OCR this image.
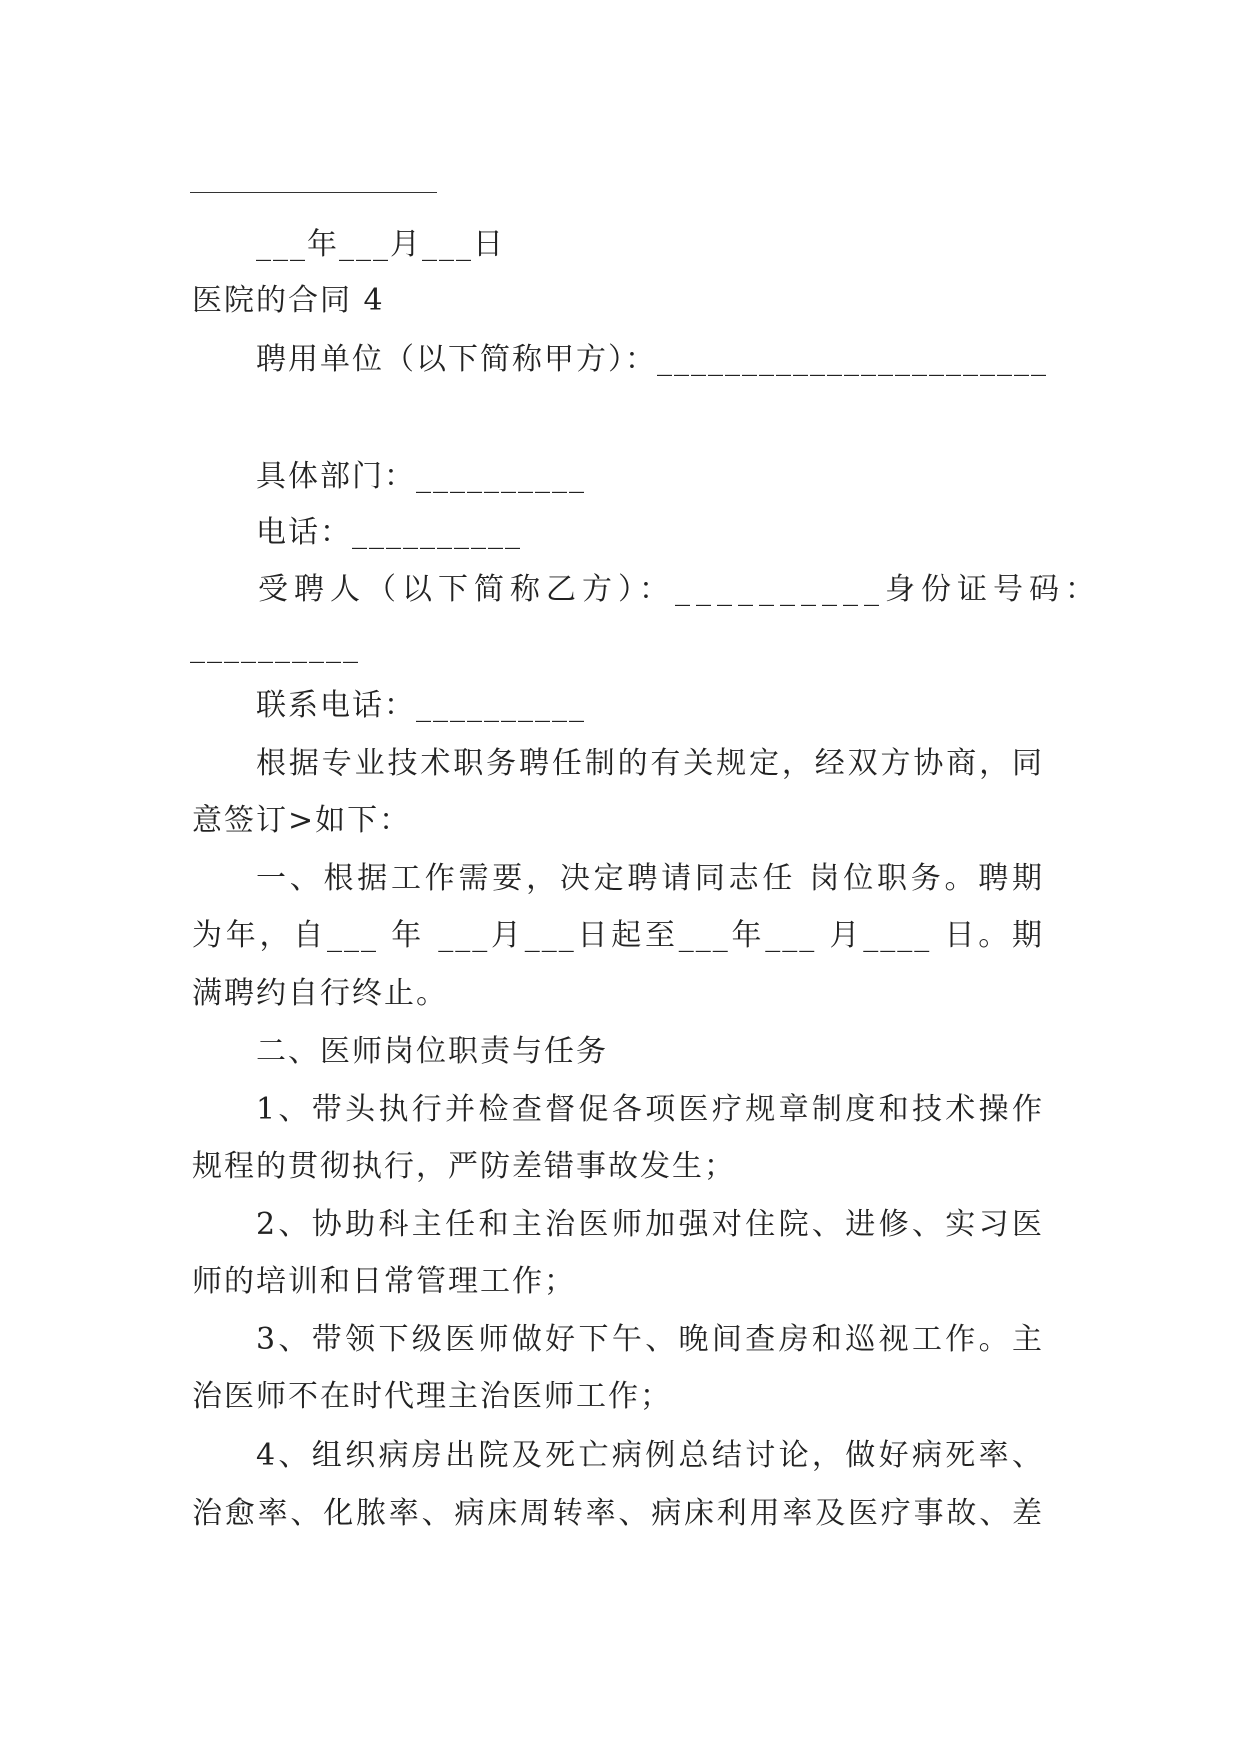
___年___月___日
医院的合同 4
聘用单位（以下简称甲方）：_______________________
具体部门：__________
电话：__________
受聘人（以下简称乙方）：__________身份证号码：
__________
联系电话：__________
根据专业技术职务聘任制的有关规定，经双方协商，同
意签订>如下：
一、根据工作需要，决定聘请同志任 岗位职务。聘期
为年，自___ 年 ___月___日起至___年___ 月____ 日。期
满聘约自行终止。
二、医师岗位职责与任务
1、带头执行并检查督促各项医疗规章制度和技术操作
规程的贯彻执行，严防差错事故发生；
2、协助科主任和主治医师加强对住院、进修、实习医
师的培训和日常管理工作；
3、带领下级医师做好下午、晚间查房和巡视工作。主
治医师不在时代理主治医师工作；
4、组织病房出院及死亡病例总结讨论，做好病死率、
治愈率、化脓率、病床周转率、病床利用率及医疗事故、差
